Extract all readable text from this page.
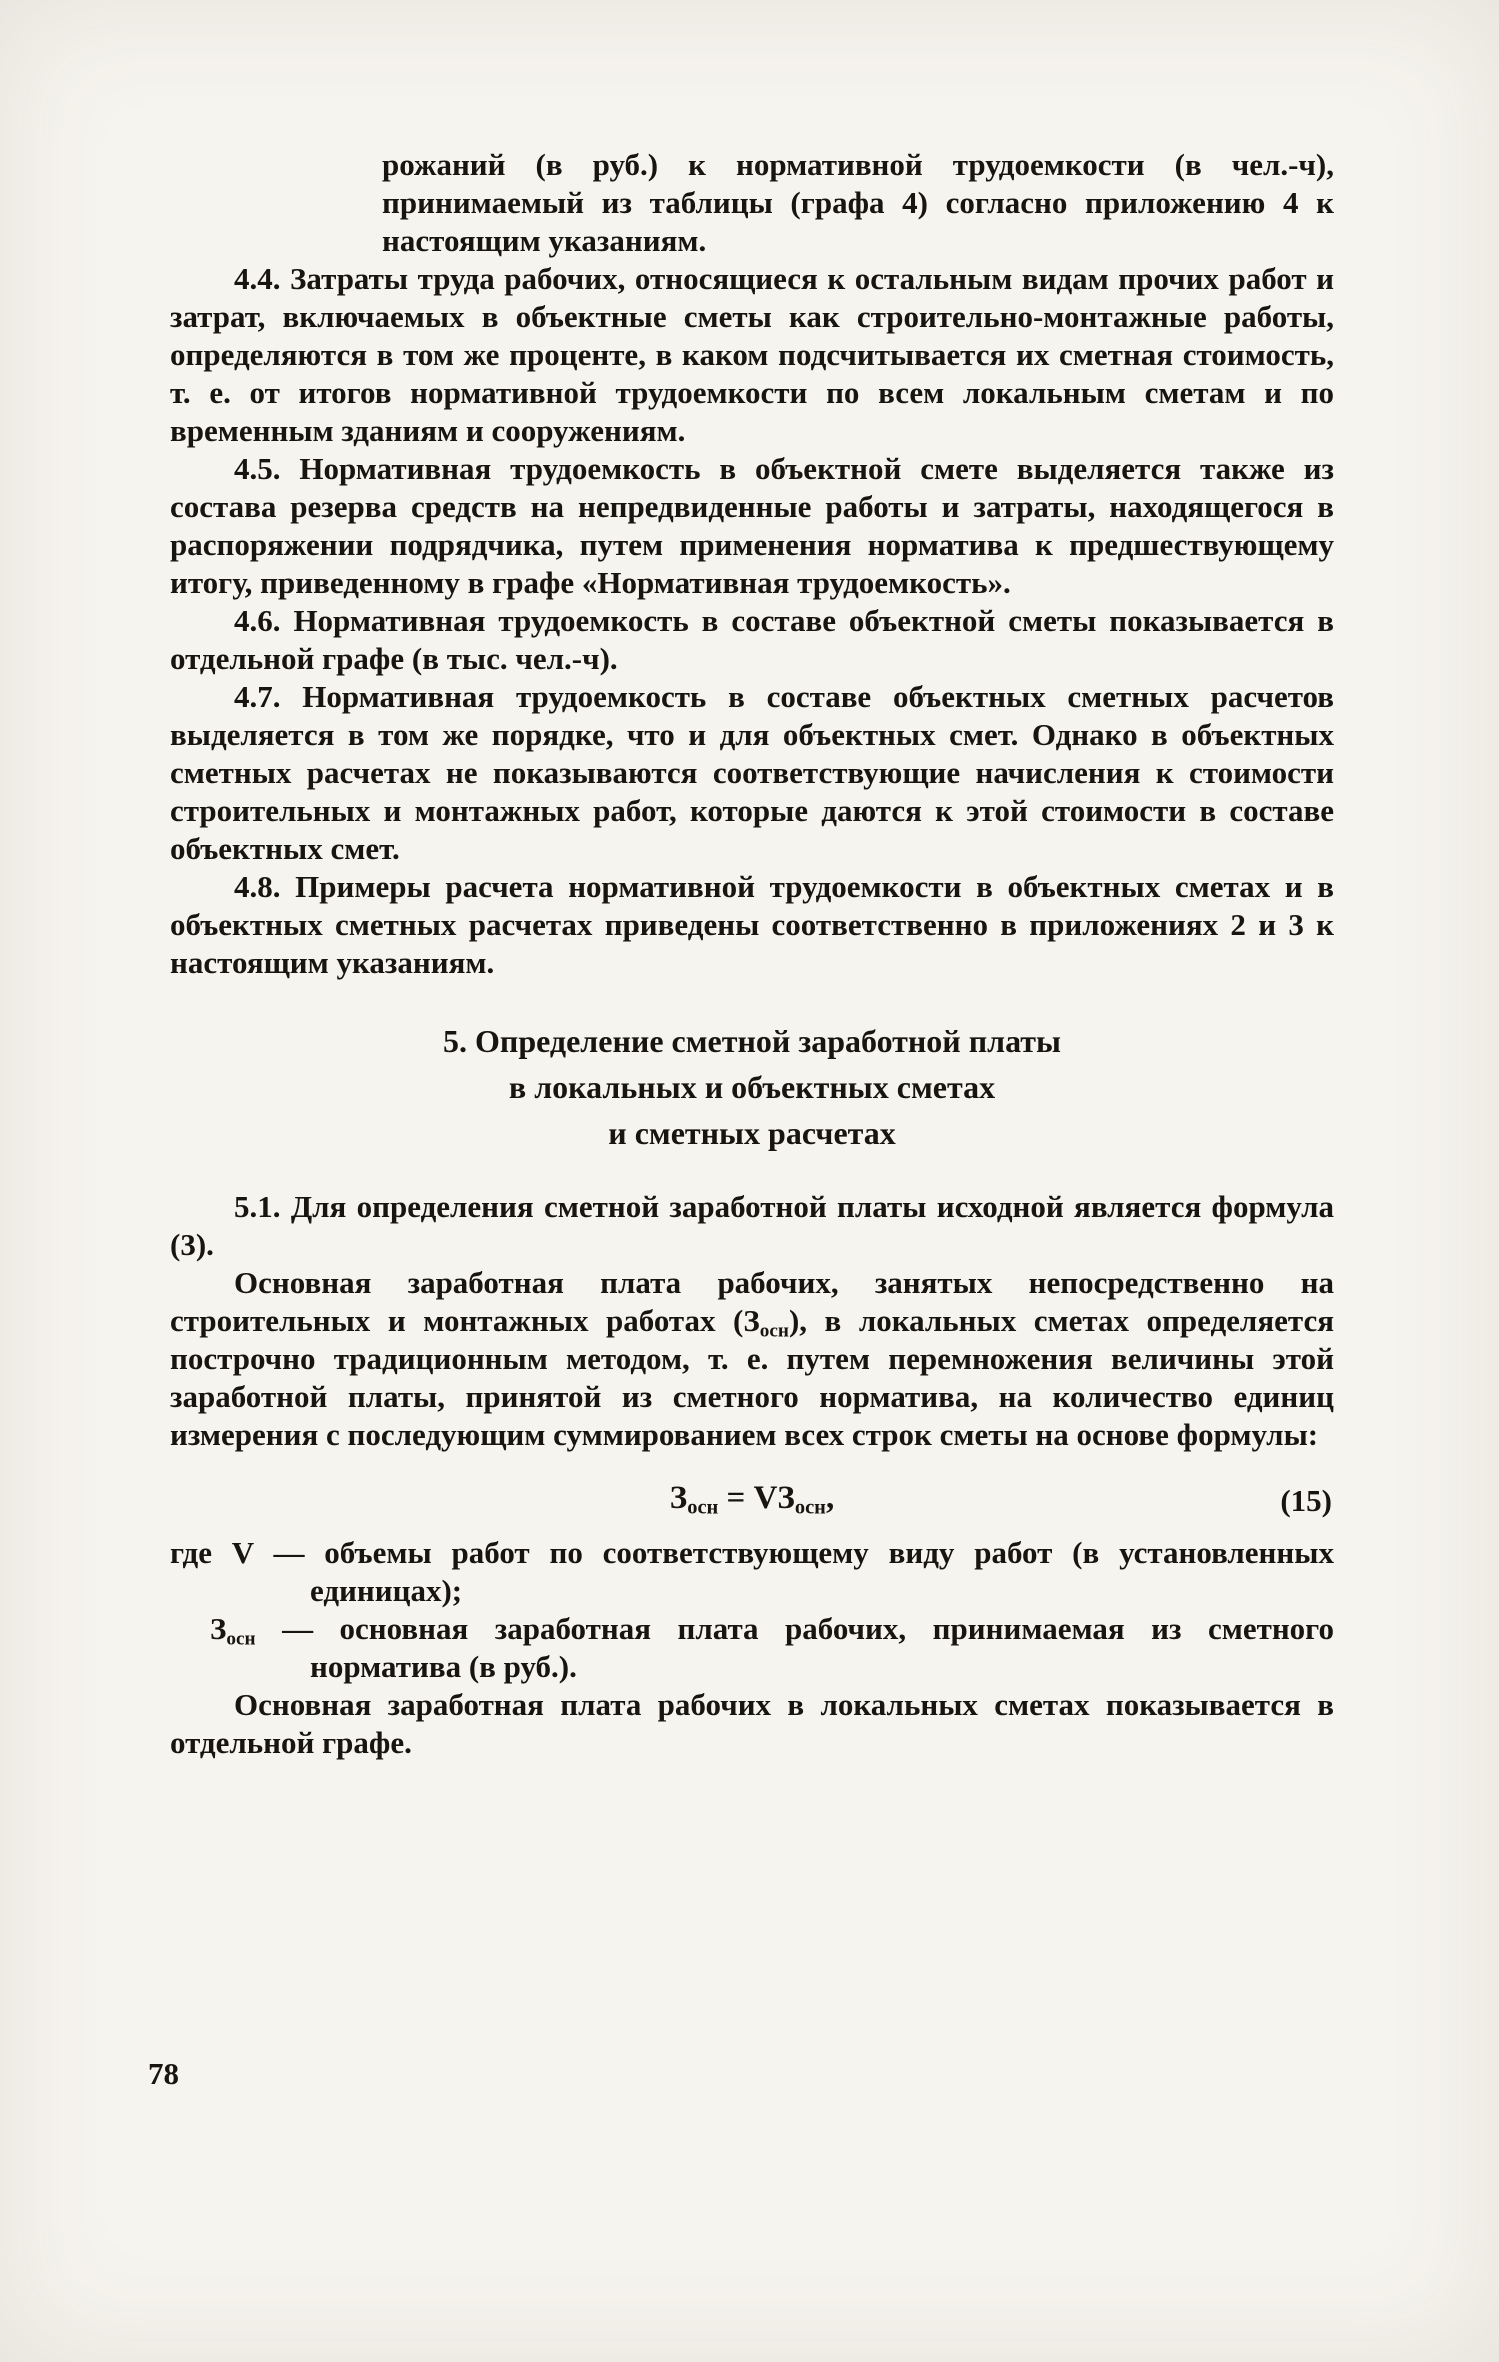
рожаний (в руб.) к нормативной трудоемкости (в чел.-ч), принимаемый из таблицы (графа 4) согласно приложению 4 к настоящим указаниям.

4.4. Затраты труда рабочих, относящиеся к остальным видам прочих работ и затрат, включаемых в объектные сметы как строительно-монтажные работы, определяются в том же проценте, в каком подсчитывается их сметная стоимость, т. е. от итогов нормативной трудоемкости по всем локальным сметам и по временным зданиям и сооружениям.

4.5. Нормативная трудоемкость в объектной смете выделяется также из состава резерва средств на непредвиденные работы и затраты, находящегося в распоряжении подрядчика, путем применения норматива к предшествующему итогу, приведенному в графе «Нормативная трудоемкость».

4.6. Нормативная трудоемкость в составе объектной сметы показывается в отдельной графе (в тыс. чел.-ч).

4.7. Нормативная трудоемкость в составе объектных сметных расчетов выделяется в том же порядке, что и для объектных смет. Однако в объектных сметных расчетах не показываются соответствующие начисления к стоимости строительных и монтажных работ, которые даются к этой стоимости в составе объектных смет.

4.8. Примеры расчета нормативной трудоемкости в объектных сметах и в объектных сметных расчетах приведены соответственно в приложениях 2 и 3 к настоящим указаниям.

5. Определение сметной заработной платы
в локальных и объектных сметах
и сметных расчетах

5.1. Для определения сметной заработной платы исходной является формула (3).

Основная заработная плата рабочих, занятых непосредственно на строительных и монтажных работах $(З_{осн})$, в локальных сметах определяется построчно традиционным методом, т. е. путем перемножения величины этой заработной платы, принятой из сметного норматива, на количество единиц измерения с последующим суммированием всех строк сметы на основе формулы:

$З_{осн} = VЗ_{осн}$,	(15)

где V — объемы работ по соответствующему виду работ (в установленных единицах);

$З_{осн}$ — основная заработная плата рабочих, принимаемая из сметного норматива (в руб.).

Основная заработная плата рабочих в локальных сметах показывается в отдельной графе.

78
